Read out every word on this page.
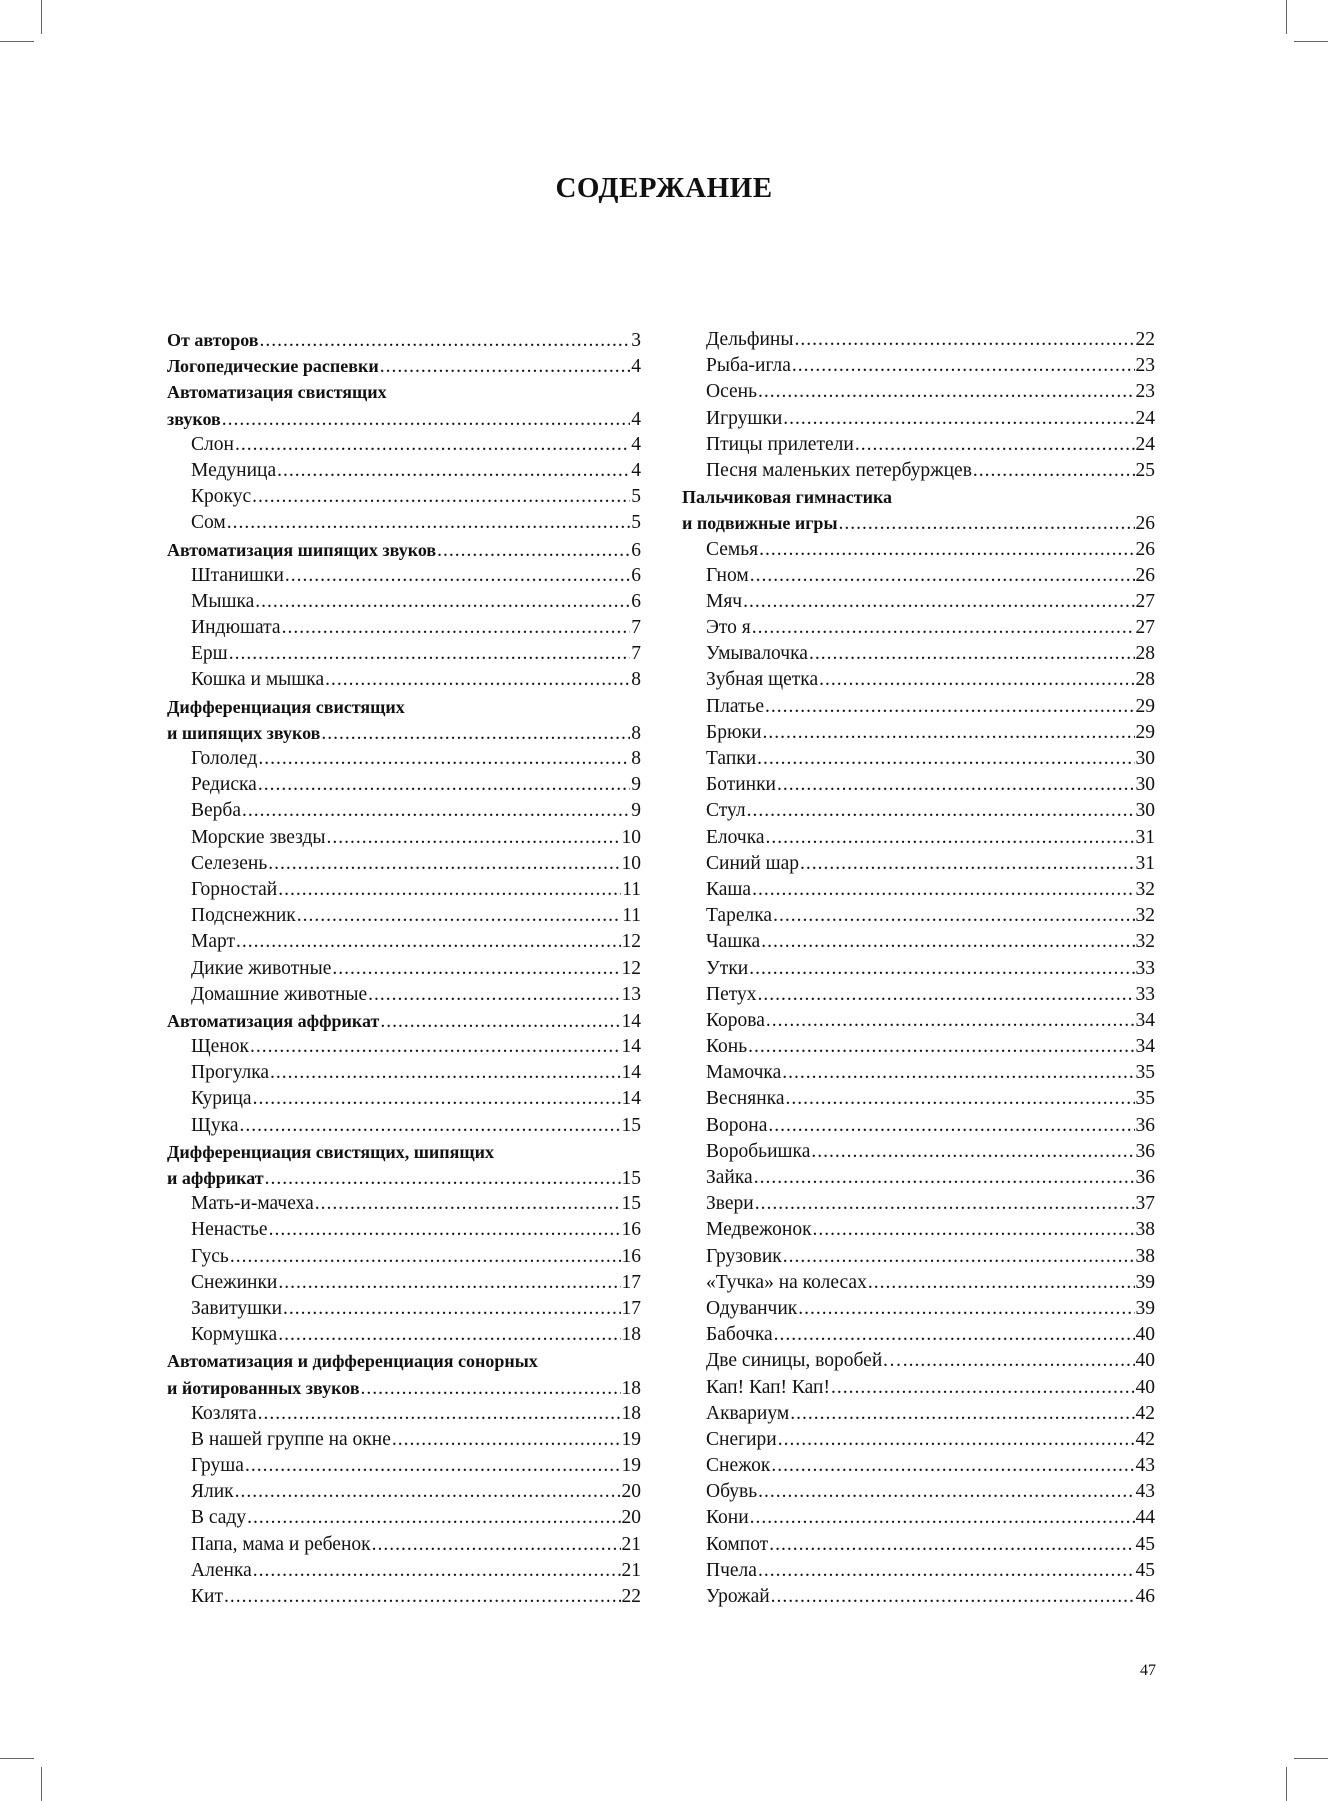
СОДЕРЖАНИЕ
От авторов .....	3
Логопедические распевки .....	4
Автоматизация свистящих
звуков .....	4
Слон .....	4
Медуница .....	4
Крокус .....	5
Сом .....	5
Автоматизация шипящих звуков .....	6
Штанишки .....	6
Мышка .....	6
Индюшата .....	7
Ерш .....	7
Кошка и мышка .....	8
Дифференциация свистящих
и шипящих звуков .....	8
Гололед .....	8
Редиска .....	9
Верба .....	9
Морские звезды .....	10
Селезень .....	10
Горностай .....	11
Подснежник .....	11
Март .....	12
Дикие животные .....	12
Домашние животные .....	13
Автоматизация аффрикат .....	14
Щенок .....	14
Прогулка .....	14
Курица .....	14
Щука .....	15
Дифференциация свистящих, шипящих
и аффрикат .....	15
Мать-и-мачеха .....	15
Ненастье .....	16
Гусь .....	16
Снежинки .....	17
Завитушки .....	17
Кормушка .....	18
Автоматизация и дифференциация сонорных
и йотированных звуков .....	18
Козлята .....	18
В нашей группе на окне .....	19
Груша .....	19
Ялик .....	20
В саду .....	20
Папа, мама и ребенок .....	21
Аленка .....	21
Кит .....	22
Дельфины .....	22
Рыба-игла .....	23
Осень .....	23
Игрушки .....	24
Птицы прилетели .....	24
Песня маленьких петербуржцев .....	25
Пальчиковая гимнастика
и подвижные игры .....	26
Семья .....	26
Гном .....	26
Мяч .....	27
Это я .....	27
Умывалочка .....	28
Зубная щетка .....	28
Платье .....	29
Брюки .....	29
Тапки .....	30
Ботинки .....	30
Стул .....	30
Елочка .....	31
Синий шар .....	31
Каша .....	32
Тарелка .....	32
Чашка .....	32
Утки .....	33
Петух .....	33
Корова .....	34
Конь .....	34
Мамочка .....	35
Веснянка .....	35
Ворона .....	36
Воробьишка .....	36
Зайка .....	36
Звери .....	37
Медвежонок .....	38
Грузовик .....	38
«Тучка» на колесах .....	39
Одуванчик .....	39
Бабочка .....	40
Две синицы, воробей… .....	40
Кап! Кап! Кап! .....	40
Аквариум .....	42
Снегири .....	42
Снежок .....	43
Обувь .....	43
Кони .....	44
Компот .....	45
Пчела .....	45
Урожай .....	46
47
